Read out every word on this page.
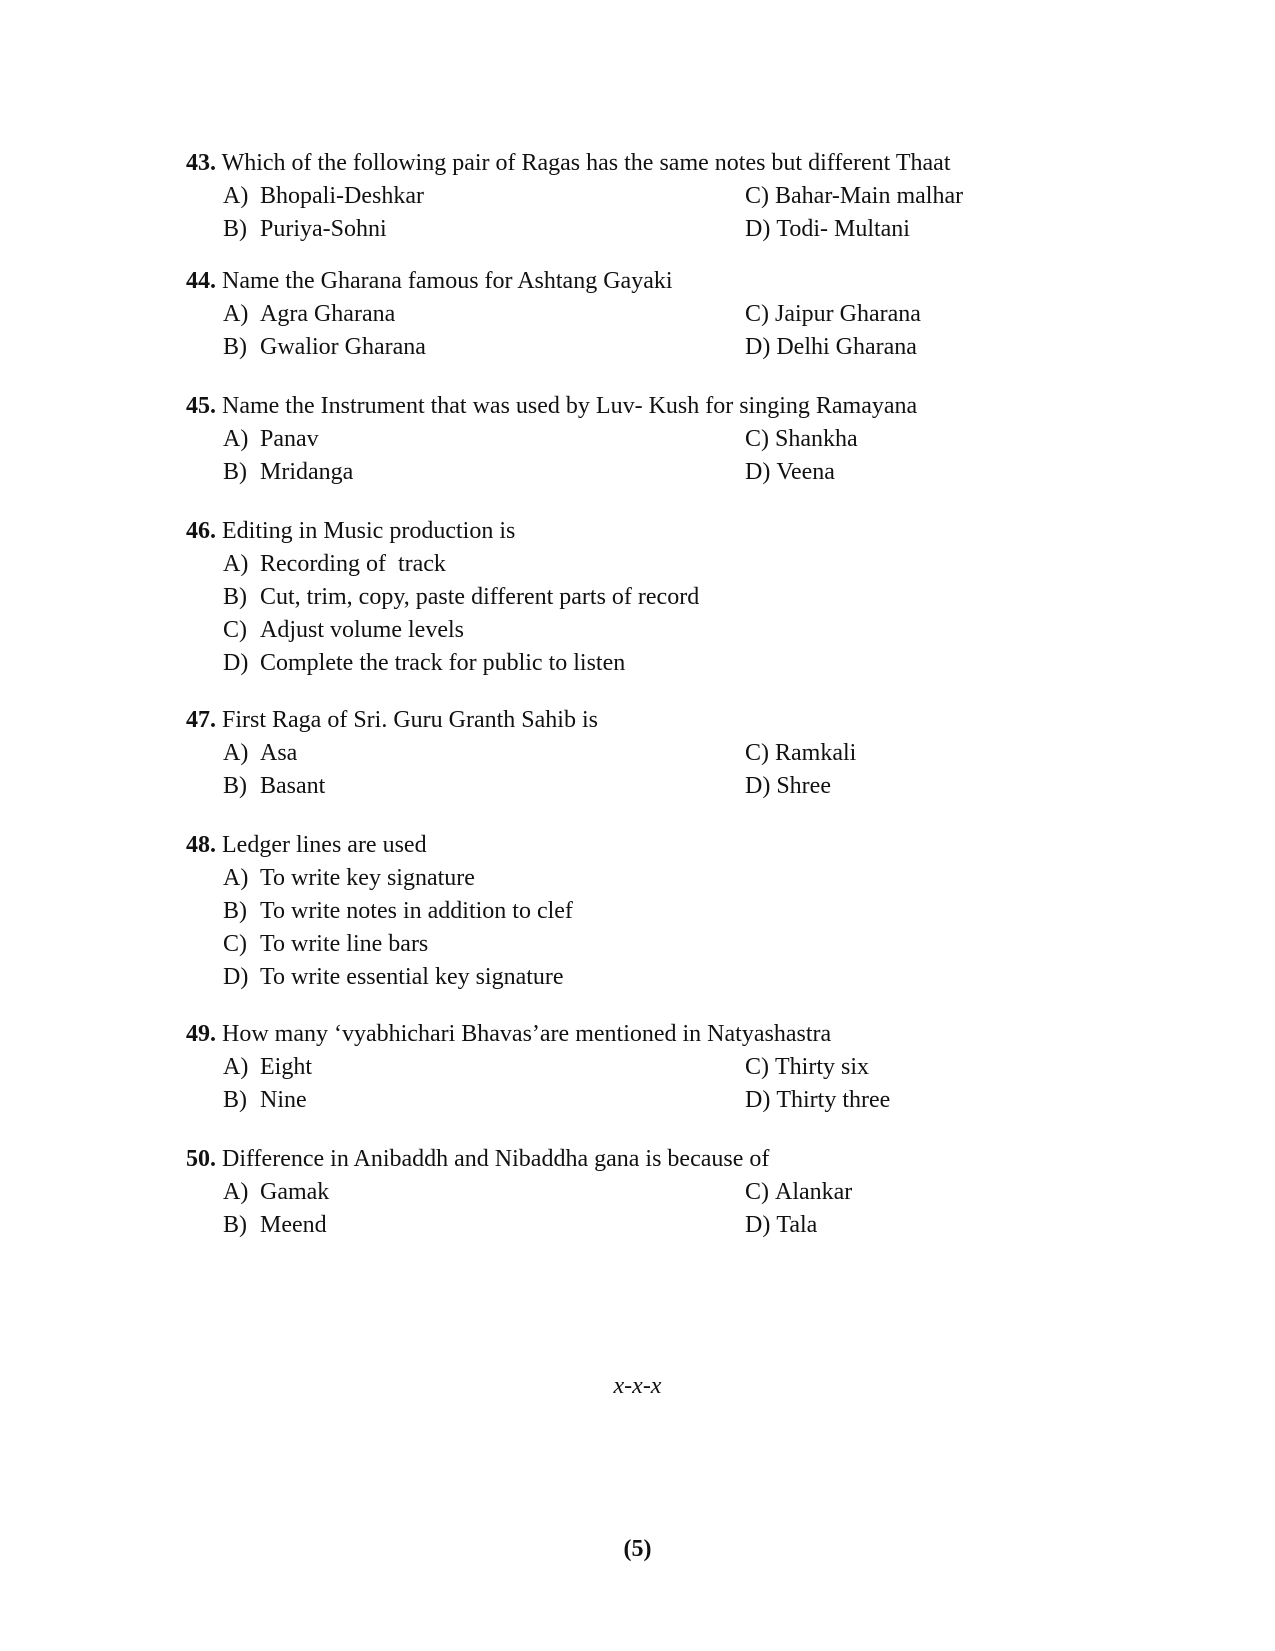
43. Which of the following pair of Ragas has the same notes but different Thaat
A) Bhopali-Deshkar	C) Bahar-Main malhar
B) Puriya-Sohni	D) Todi- Multani
44. Name the Gharana famous for Ashtang Gayaki
A) Agra Gharana	C) Jaipur Gharana
B) Gwalior Gharana	D) Delhi Gharana
45. Name the Instrument that was used by Luv- Kush for singing Ramayana
A) Panav	C) Shankha
B) Mridanga	D) Veena
46. Editing in Music production is
A) Recording of  track
B) Cut, trim, copy, paste different parts of record
C) Adjust volume levels
D) Complete the track for public to listen
47. First Raga of Sri. Guru Granth Sahib is
A) Asa	C) Ramkali
B) Basant	D) Shree
48. Ledger lines are used
A) To write key signature
B) To write notes in addition to clef
C) To write line bars
D) To write essential key signature
49. How many ‘vyabhichari Bhavas’are mentioned in Natyashastra
A) Eight	C) Thirty six
B) Nine	D) Thirty three
50. Difference in Anibaddh and Nibaddha gana is because of
A) Gamak	C) Alankar
B) Meend	D) Tala
x-x-x
(5)
